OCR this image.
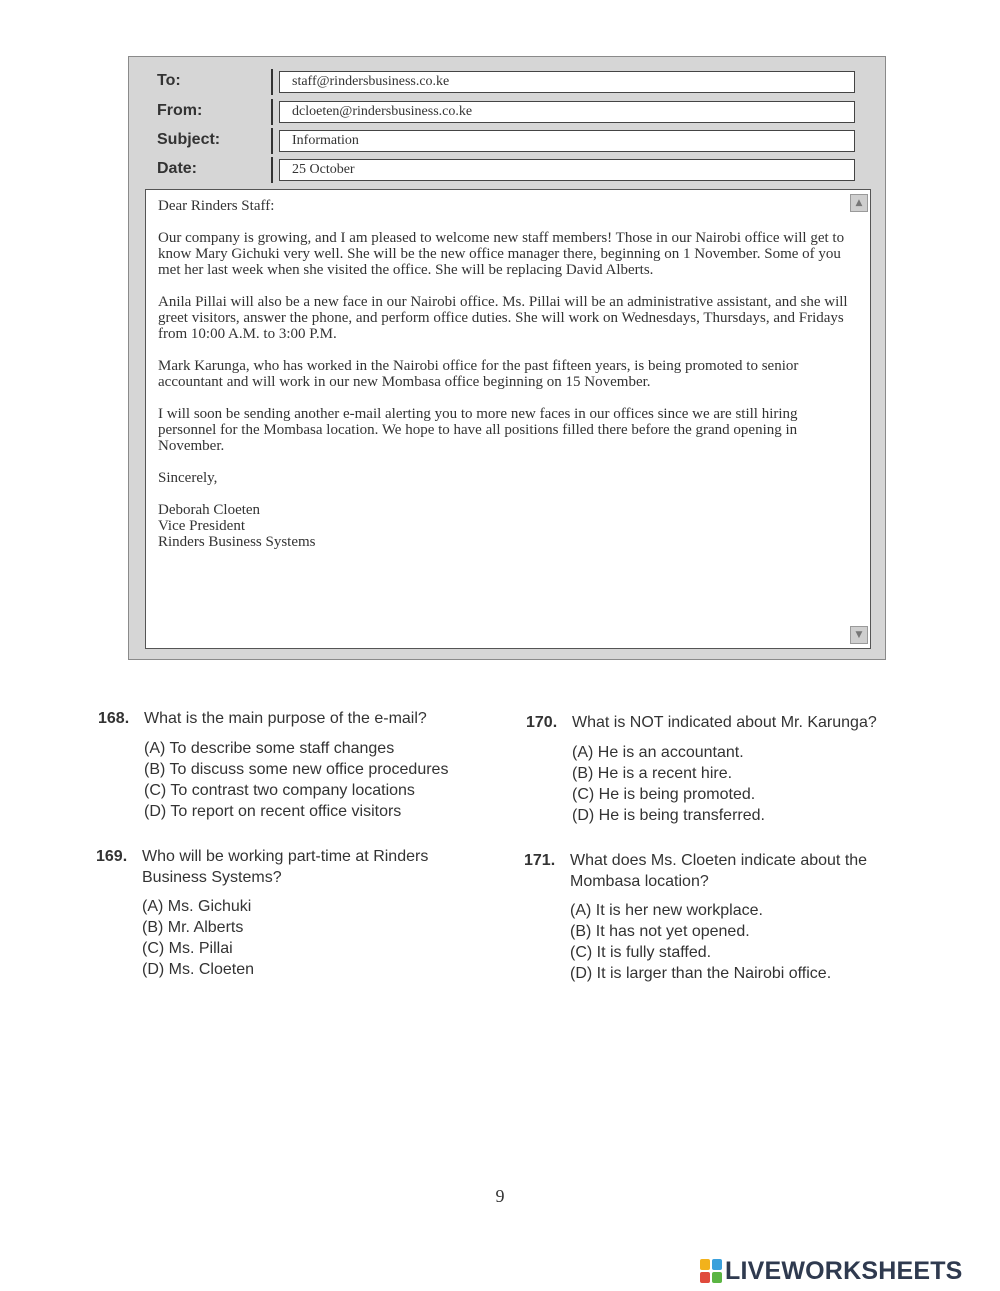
To:	staff@rindersbusiness.co.ke
From:	dcloeten@rindersbusiness.co.ke
Subject:	Information
Date:	25 October

Dear Rinders Staff:

Our company is growing, and I am pleased to welcome new staff members! Those in our Nairobi office will get to know Mary Gichuki very well. She will be the new office manager there, beginning on 1 November. Some of you met her last week when she visited the office. She will be replacing David Alberts.

Anila Pillai will also be a new face in our Nairobi office. Ms. Pillai will be an administrative assistant, and she will greet visitors, answer the phone, and perform office duties. She will work on Wednesdays, Thursdays, and Fridays from 10:00 A.M. to 3:00 P.M.

Mark Karunga, who has worked in the Nairobi office for the past fifteen years, is being promoted to senior accountant and will work in our new Mombasa office beginning on 15 November.

I will soon be sending another e-mail alerting you to more new faces in our offices since we are still hiring personnel for the Mombasa location. We hope to have all positions filled there before the grand opening in November.

Sincerely,

Deborah Cloeten

Vice President

Rinders Business Systems

▲
▼
168. What is the main purpose of the e-mail?
(A) To describe some staff changes
(B) To discuss some new office procedures
(C) To contrast two company locations
(D) To report on recent office visitors
169. Who will be working part-time at Rinders Business Systems?
(A) Ms. Gichuki
(B) Mr. Alberts
(C) Ms. Pillai
(D) Ms. Cloeten
170. What is NOT indicated about Mr. Karunga?
(A) He is an accountant.
(B) He is a recent hire.
(C) He is being promoted.
(D) He is being transferred.
171. What does Ms. Cloeten indicate about the Mombasa location?
(A) It is her new workplace.
(B) It has not yet opened.
(C) It is fully staffed.
(D) It is larger than the Nairobi office.
9
LIVEWORKSHEETS
